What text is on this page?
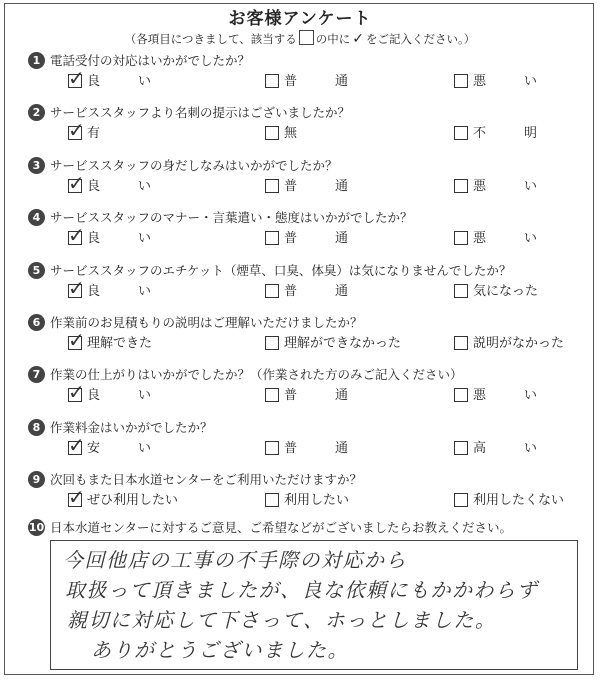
お客様アンケート
（各項目につきまして、該当する の中に ✓ をご記入ください。）
1 電話受付の対応はいかがでしたか？
✓ 良い	普通	悪い
2 サービススタッフより名刺の提示はございましたか？
✓ 有	無	不明
3 サービススタッフの身だしなみはいかがでしたか？
✓ 良い	普通	悪い
4 サービススタッフのマナー・言葉遣い・態度はいかがでしたか？
✓ 良い	普通	悪い
5 サービススタッフのエチケット（煙草、口臭、体臭）は気になりませんでしたか？
✓ 良い	普通	気になった
6 作業前のお見積もりの説明はご理解いただけましたか？
✓ 理解できた	理解ができなかった	説明がなかった
7 作業の仕上がりはいかがでしたか？（作業された方のみご記入ください）
✓ 良い	普通	悪い
8 作業料金はいかがでしたか？
✓ 安い	普通	高い
9 次回もまた日本水道センターをご利用いただけますか？
✓ ぜひ利用したい	利用したい	利用したくない
10 日本水道センターに対するご意見、ご希望などがございましたらお教えください。
今回他店の工事の不手際の対応から
取扱って頂きましたが、良な依頼にもかかわらず
親切に対応して下さって、ホっとしました。
ありがとうございました。
